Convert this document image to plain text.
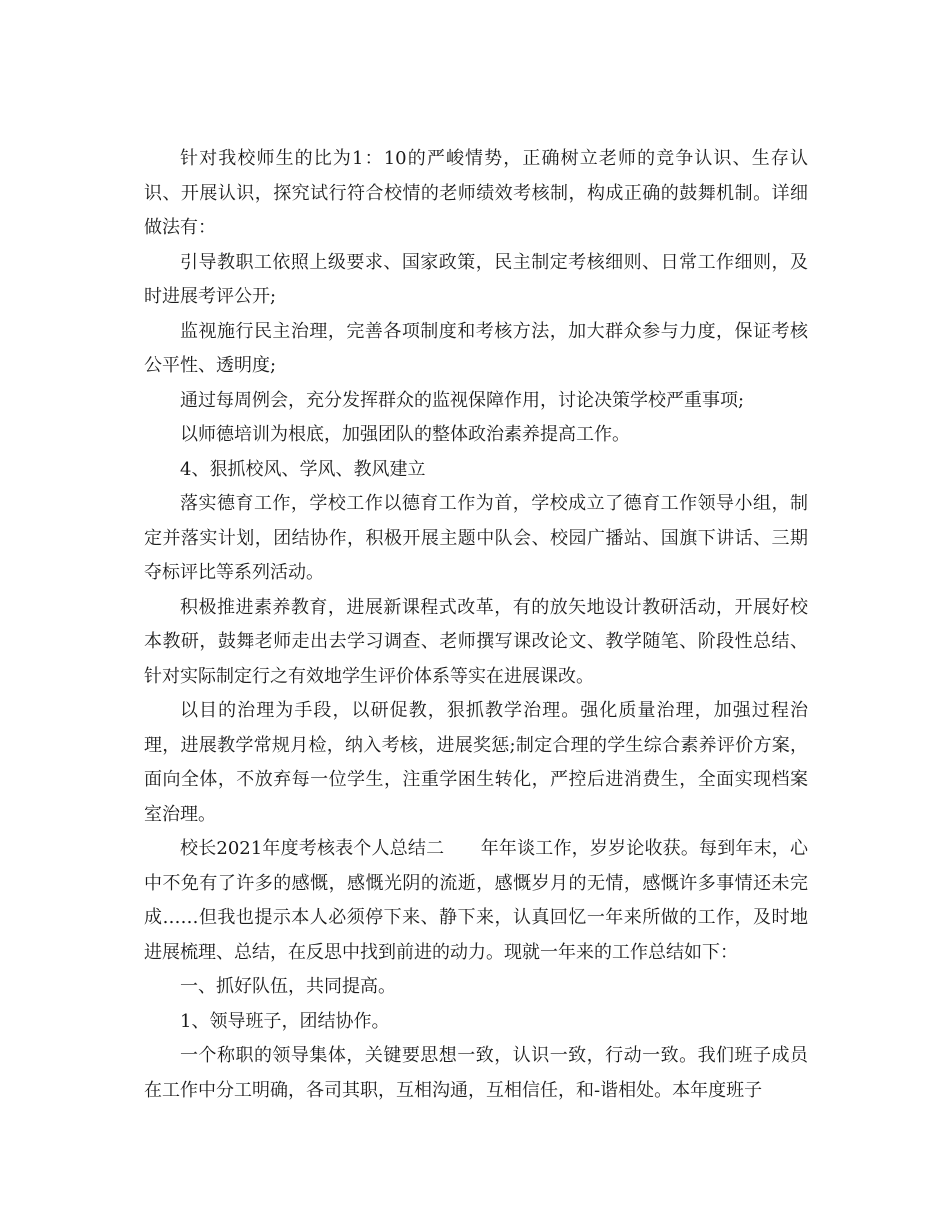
针对我校师生的比为1：10的严峻情势，正确树立老师的竞争认识、生存认识、开展认识，探究试行符合校情的老师绩效考核制，构成正确的鼓舞机制。详细做法有：

引导教职工依照上级要求、国家政策，民主制定考核细则、日常工作细则，及时进展考评公开;

监视施行民主治理，完善各项制度和考核方法，加大群众参与力度，保证考核公平性、透明度;

通过每周例会，充分发挥群众的监视保障作用，讨论决策学校严重事项;

以师德培训为根底，加强团队的整体政治素养提高工作。

4、狠抓校风、学风、教风建立

落实德育工作，学校工作以德育工作为首，学校成立了德育工作领导小组，制定并落实计划，团结协作，积极开展主题中队会、校园广播站、国旗下讲话、三期夺标评比等系列活动。

积极推进素养教育，进展新课程式改革，有的放矢地设计教研活动，开展好校本教研，鼓舞老师走出去学习调查、老师撰写课改论文、教学随笔、阶段性总结、针对实际制定行之有效地学生评价体系等实在进展课改。

以目的治理为手段，以研促教，狠抓教学治理。强化质量治理，加强过程治理，进展教学常规月检，纳入考核，进展奖惩;制定合理的学生综合素养评价方案，面向全体，不放弃每一位学生，注重学困生转化，严控后进消费生，全面实现档案室治理。

校长2021年度考核表个人总结二　　年年谈工作，岁岁论收获。每到年末，心中不免有了许多的感慨，感慨光阴的流逝，感慨岁月的无情，感慨许多事情还未完成……但我也提示本人必须停下来、静下来，认真回忆一年来所做的工作，及时地进展梳理、总结，在反思中找到前进的动力。现就一年来的工作总结如下：

一、抓好队伍，共同提高。

1、领导班子，团结协作。

一个称职的领导集体，关键要思想一致，认识一致，行动一致。我们班子成员在工作中分工明确，各司其职，互相沟通，互相信任，和-谐相处。本年度班子
